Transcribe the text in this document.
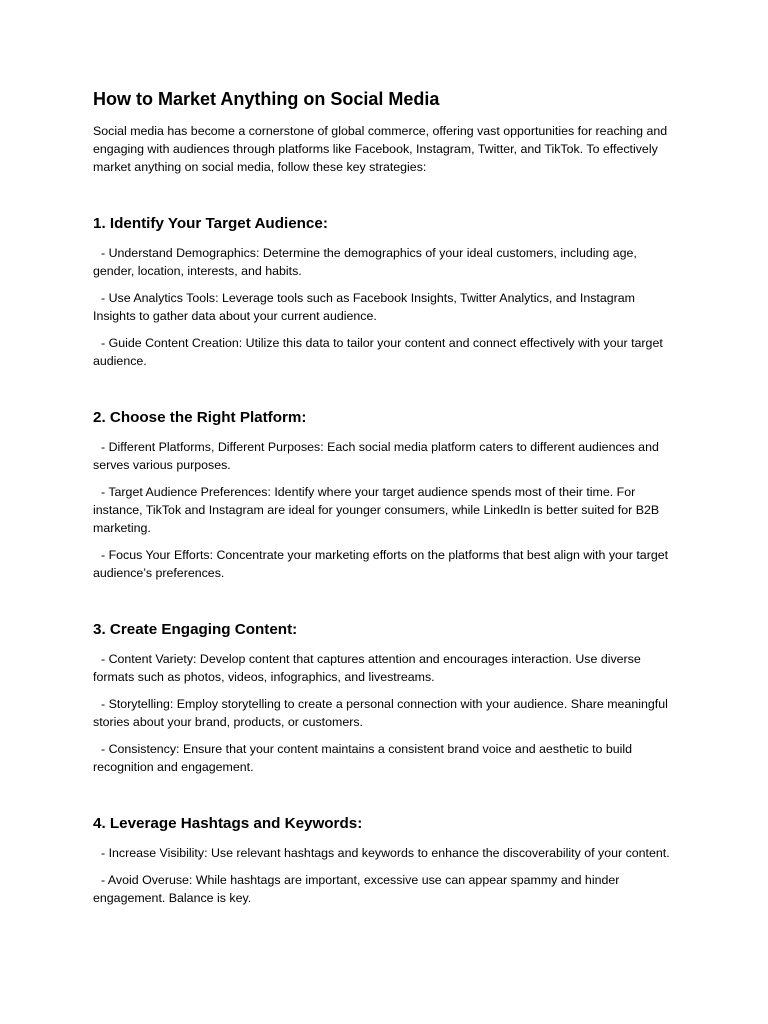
How to Market Anything on Social Media

Social media has become a cornerstone of global commerce, offering vast opportunities for reaching and engaging with audiences through platforms like Facebook, Instagram, Twitter, and TikTok. To effectively market anything on social media, follow these key strategies:

1. Identify Your Target Audience:

- Understand Demographics: Determine the demographics of your ideal customers, including age, gender, location, interests, and habits.

- Use Analytics Tools: Leverage tools such as Facebook Insights, Twitter Analytics, and Instagram Insights to gather data about your current audience.

- Guide Content Creation: Utilize this data to tailor your content and connect effectively with your target audience.

2. Choose the Right Platform:

- Different Platforms, Different Purposes: Each social media platform caters to different audiences and serves various purposes.

- Target Audience Preferences: Identify where your target audience spends most of their time. For instance, TikTok and Instagram are ideal for younger consumers, while LinkedIn is better suited for B2B marketing.

- Focus Your Efforts: Concentrate your marketing efforts on the platforms that best align with your target audience’s preferences.

3. Create Engaging Content:

- Content Variety: Develop content that captures attention and encourages interaction. Use diverse formats such as photos, videos, infographics, and livestreams.

- Storytelling: Employ storytelling to create a personal connection with your audience. Share meaningful stories about your brand, products, or customers.

- Consistency: Ensure that your content maintains a consistent brand voice and aesthetic to build recognition and engagement.

4. Leverage Hashtags and Keywords:

- Increase Visibility: Use relevant hashtags and keywords to enhance the discoverability of your content.

- Avoid Overuse: While hashtags are important, excessive use can appear spammy and hinder engagement. Balance is key.
